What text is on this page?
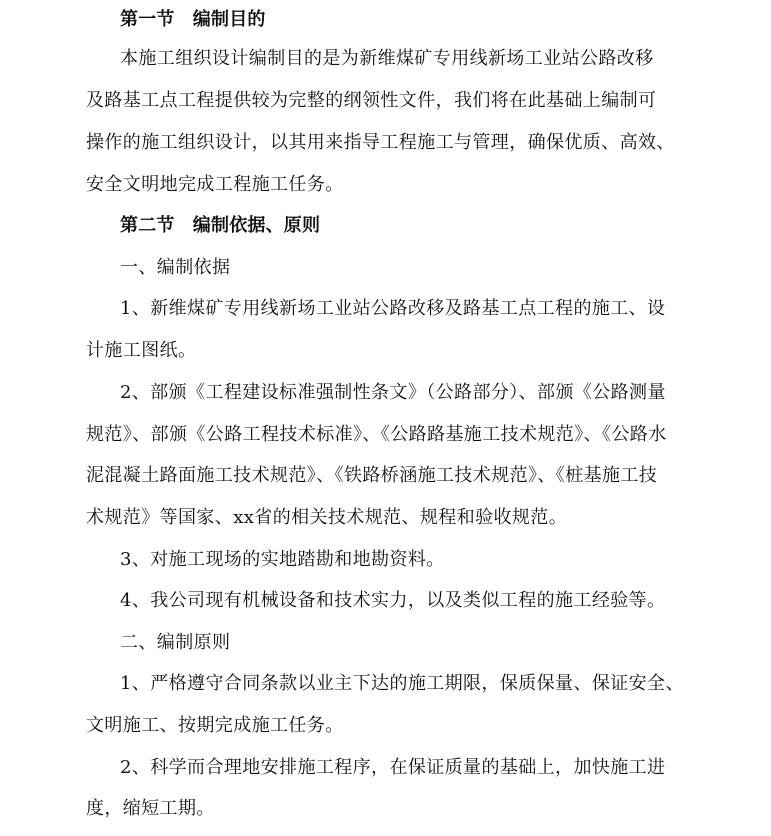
第一节　编制目的
本施工组织设计编制目的是为新维煤矿专用线新场工业站公路改移
及路基工点工程提供较为完整的纲领性文件，我们将在此基础上编制可
操作的施工组织设计，以其用来指导工程施工与管理，确保优质、高效、
安全文明地完成工程施工任务。
第二节　编制依据、原则
一、编制依据
1、新维煤矿专用线新场工业站公路改移及路基工点工程的施工、设
计施工图纸。
2、部颁《工程建设标准强制性条文》（公路部分）、部颁《公路测量
规范》、部颁《公路工程技术标准》、《公路路基施工技术规范》、《公路水
泥混凝土路面施工技术规范》、《铁路桥涵施工技术规范》、《桩基施工技
术规范》等国家、xx省的相关技术规范、规程和验收规范。
3、对施工现场的实地踏勘和地勘资料。
4、我公司现有机械设备和技术实力，以及类似工程的施工经验等。
二、编制原则
1、严格遵守合同条款以业主下达的施工期限，保质保量、保证安全、
文明施工、按期完成施工任务。
2、科学而合理地安排施工程序，在保证质量的基础上，加快施工进
度，缩短工期。
